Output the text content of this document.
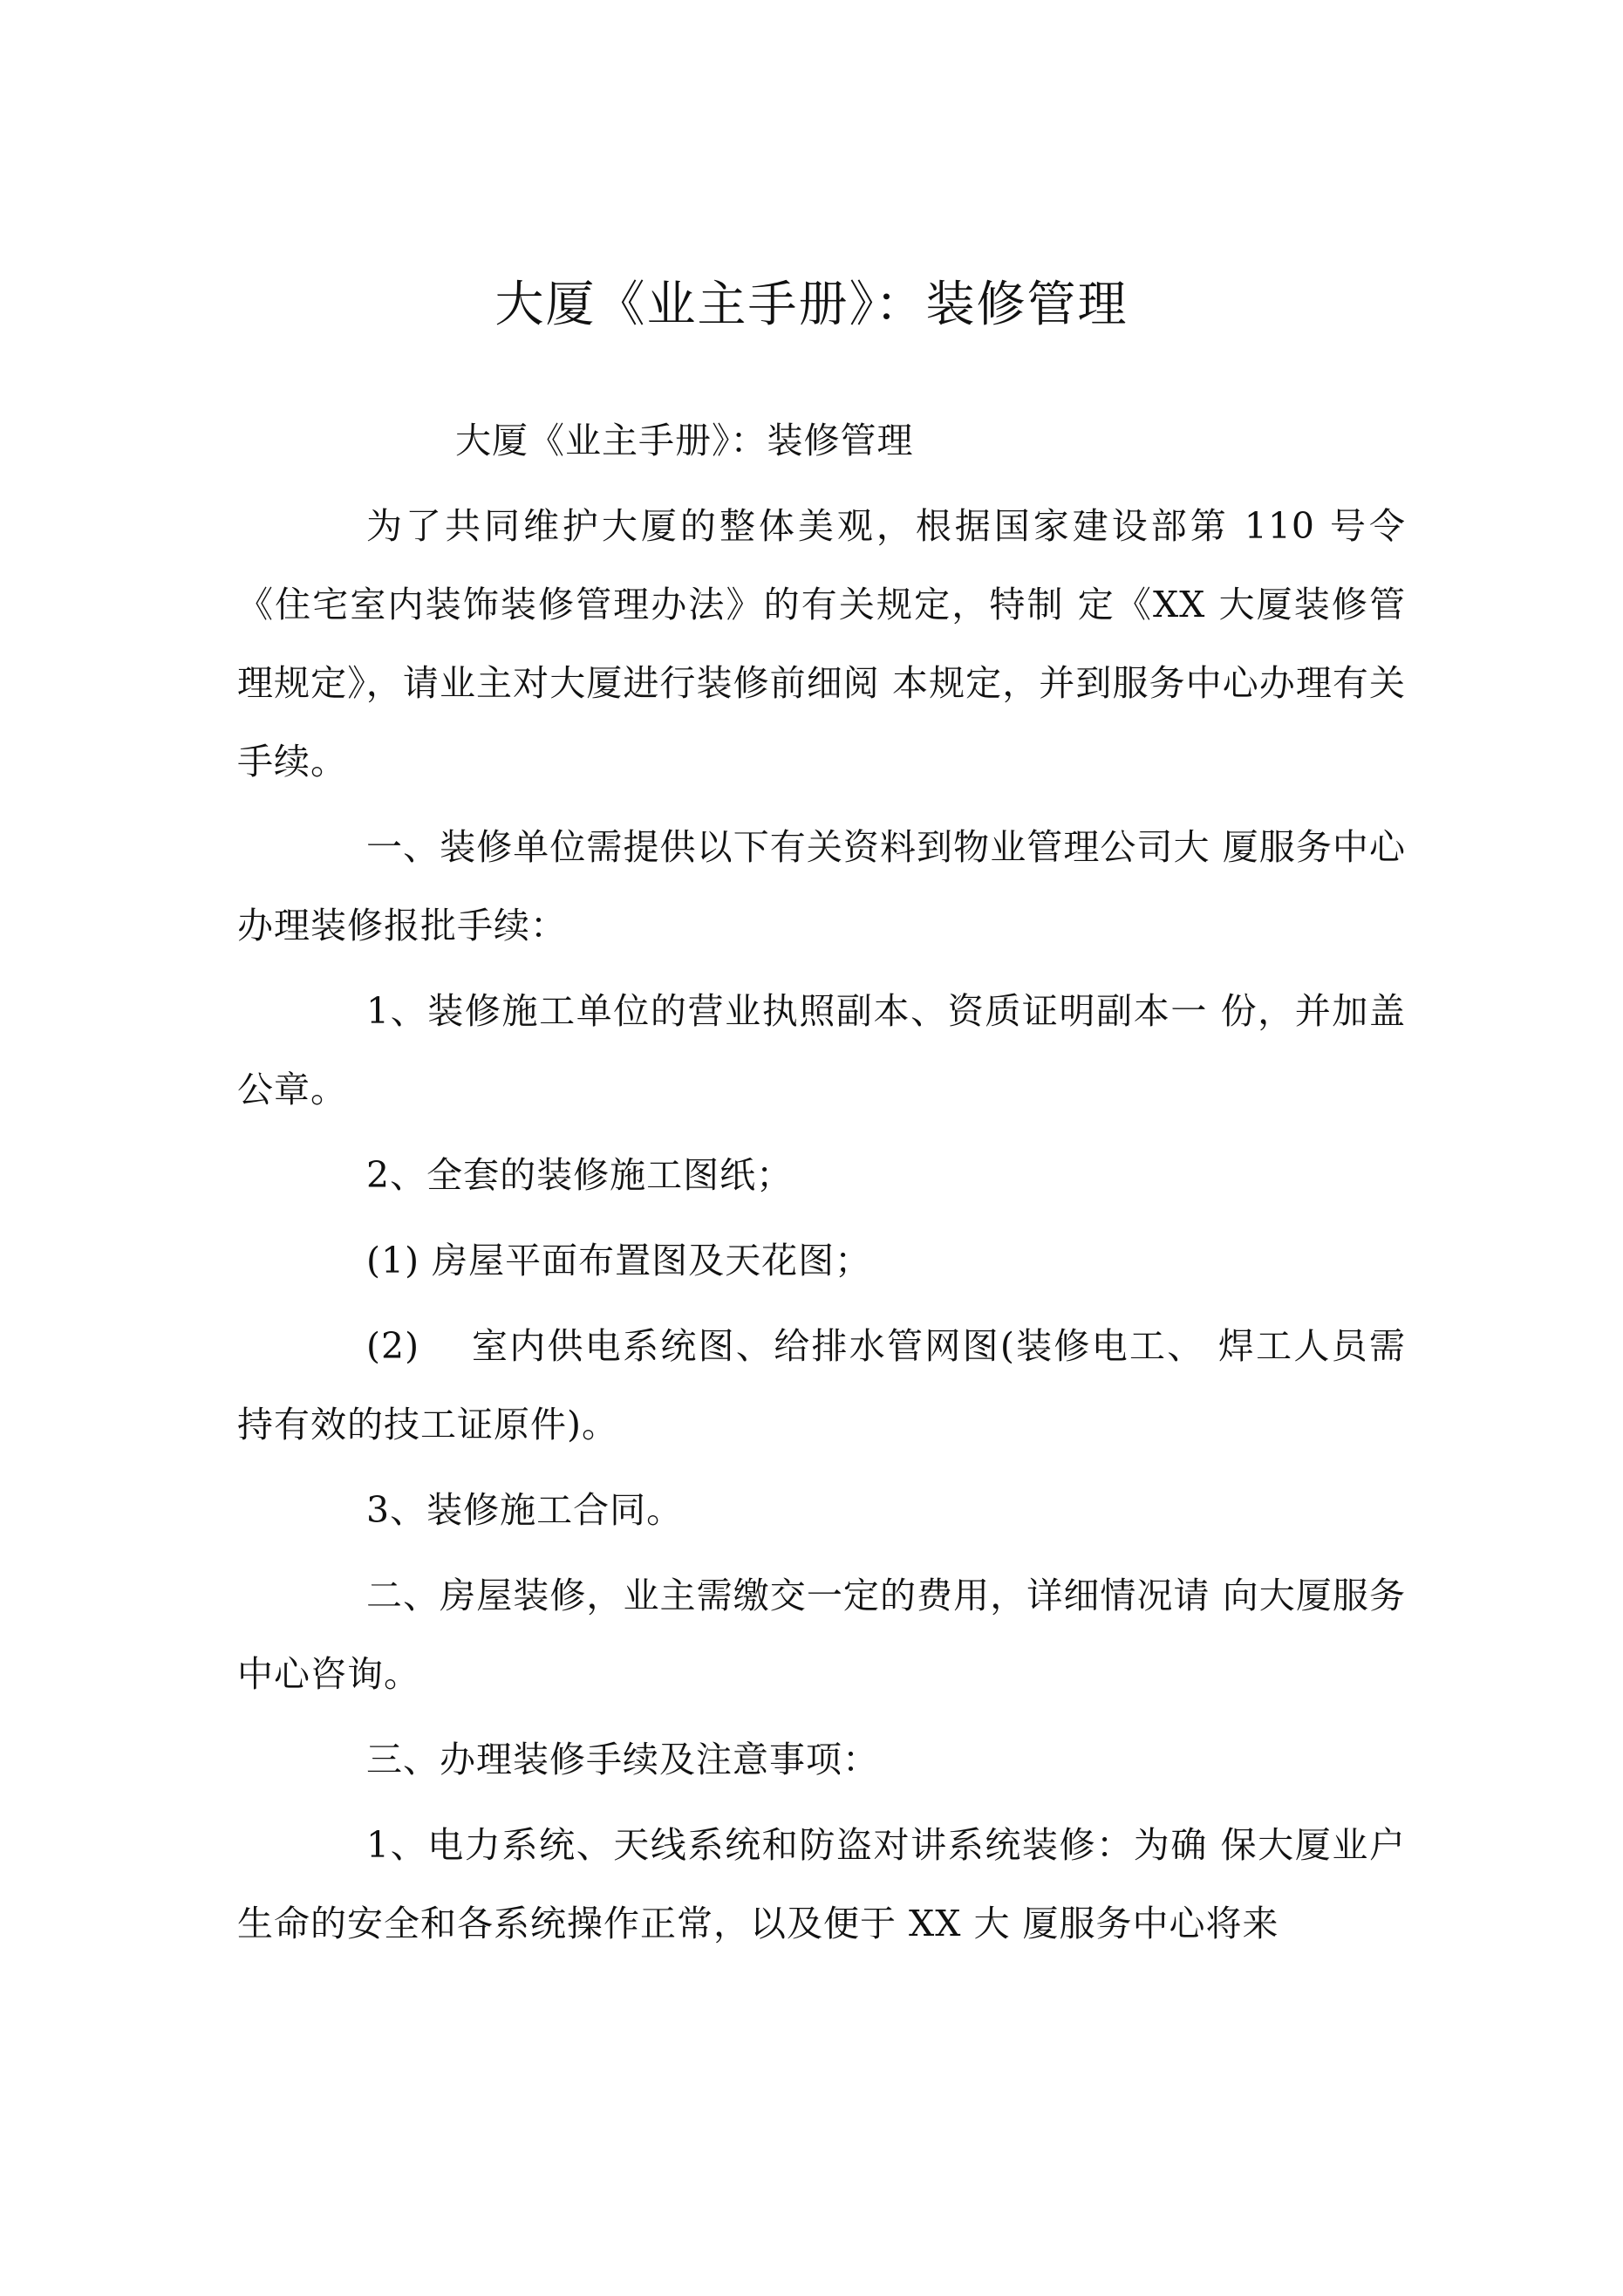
大厦《业主手册》：装修管理

大厦《业主手册》：装修管理

为了共同维护大厦的整体美观，根据国家建设部第 110 号令《住宅室内装饰装修管理办法》的有关规定，特制 定《XX 大厦装修管理规定》，请业主对大厦进行装修前细阅 本规定，并到服务中心办理有关手续。

一、装修单位需提供以下有关资料到物业管理公司大 厦服务中心办理装修报批手续：

1、装修施工单位的营业执照副本、资质证明副本一 份，并加盖公章。

2、全套的装修施工图纸；

(1) 房屋平面布置图及天花图；

(2)　 室内供电系统图、给排水管网图(装修电工、 焊工人员需持有效的技工证原件)。

3、装修施工合同。

二、房屋装修，业主需缴交一定的费用，详细情况请 向大厦服务中心咨询。

三、办理装修手续及注意事项：

1、电力系统、天线系统和防盗对讲系统装修：为确 保大厦业户生命的安全和各系统操作正常，以及便于 XX 大 厦服务中心将来
